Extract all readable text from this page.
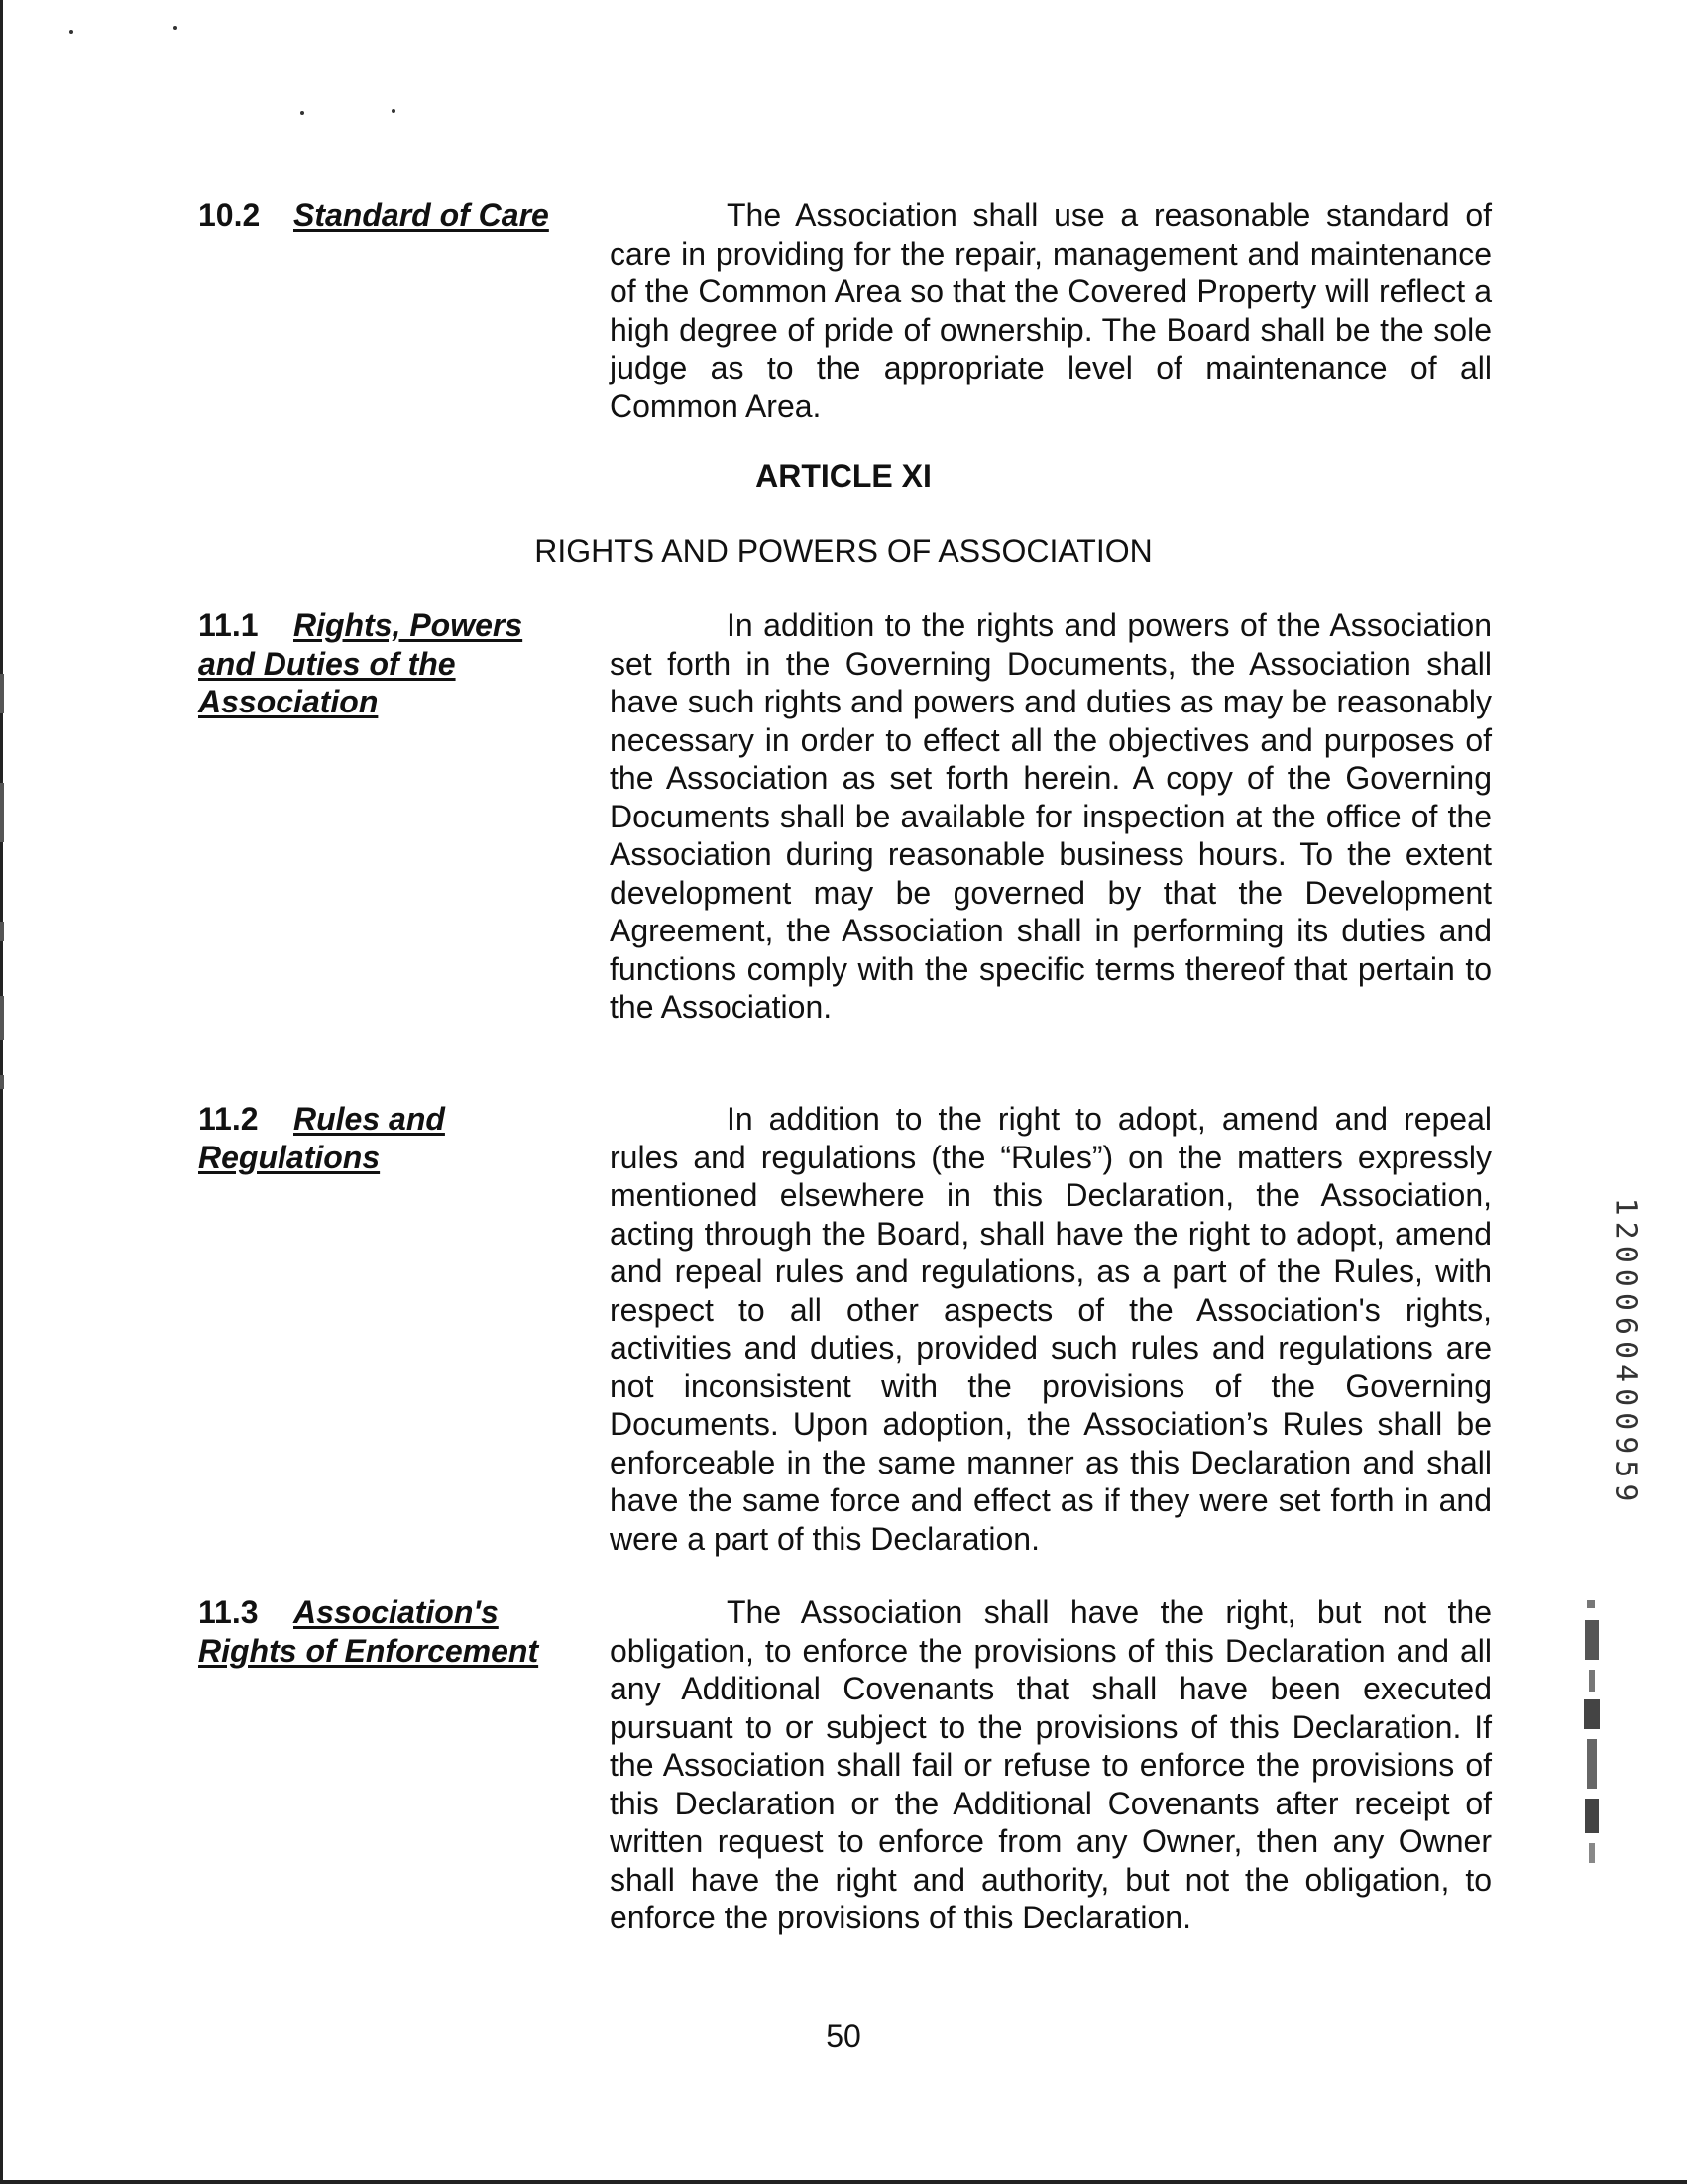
10.2 Standard of Care	The Association shall use a reasonable standard of care in providing for the repair, management and maintenance of the Common Area so that the Covered Property will reflect a high degree of pride of ownership. The Board shall be the sole judge as to the appropriate level of maintenance of all Common Area.

ARTICLE XI
RIGHTS AND POWERS OF ASSOCIATION
11.1 Rights, Powers and Duties of the Association

In addition to the rights and powers of the Association set forth in the Governing Documents, the Association shall have such rights and powers and duties as may be reasonably necessary in order to effect all the objectives and purposes of the Association as set forth herein. A copy of the Governing Documents shall be available for inspection at the office of the Association during reasonable business hours. To the extent development may be governed by that the Development Agreement, the Association shall in performing its duties and functions comply with the specific terms thereof that pertain to the Association.

11.2 Rules and Regulations

In addition to the right to adopt, amend and repeal rules and regulations (the “Rules”) on the matters expressly mentioned elsewhere in this Declaration, the Association, acting through the Board, shall have the right to adopt, amend and repeal rules and regulations, as a part of the Rules, with respect to all other aspects of the Association's rights, activities and duties, provided such rules and regulations are not inconsistent with the provisions of the Governing Documents. Upon adoption, the Association’s Rules shall be enforceable in the same manner as this Declaration and shall have the same force and effect as if they were set forth in and were a part of this Declaration.

11.3 Association's Rights of Enforcement

The Association shall have the right, but not the obligation, to enforce the provisions of this Declaration and all any Additional Covenants that shall have been executed pursuant to or subject to the provisions of this Declaration. If the Association shall fail or refuse to enforce the provisions of this Declaration or the Additional Covenants after receipt of written request to enforce from any Owner, then any Owner shall have the right and authority, but not the obligation, to enforce the provisions of this Declaration.

50
1200060400959
